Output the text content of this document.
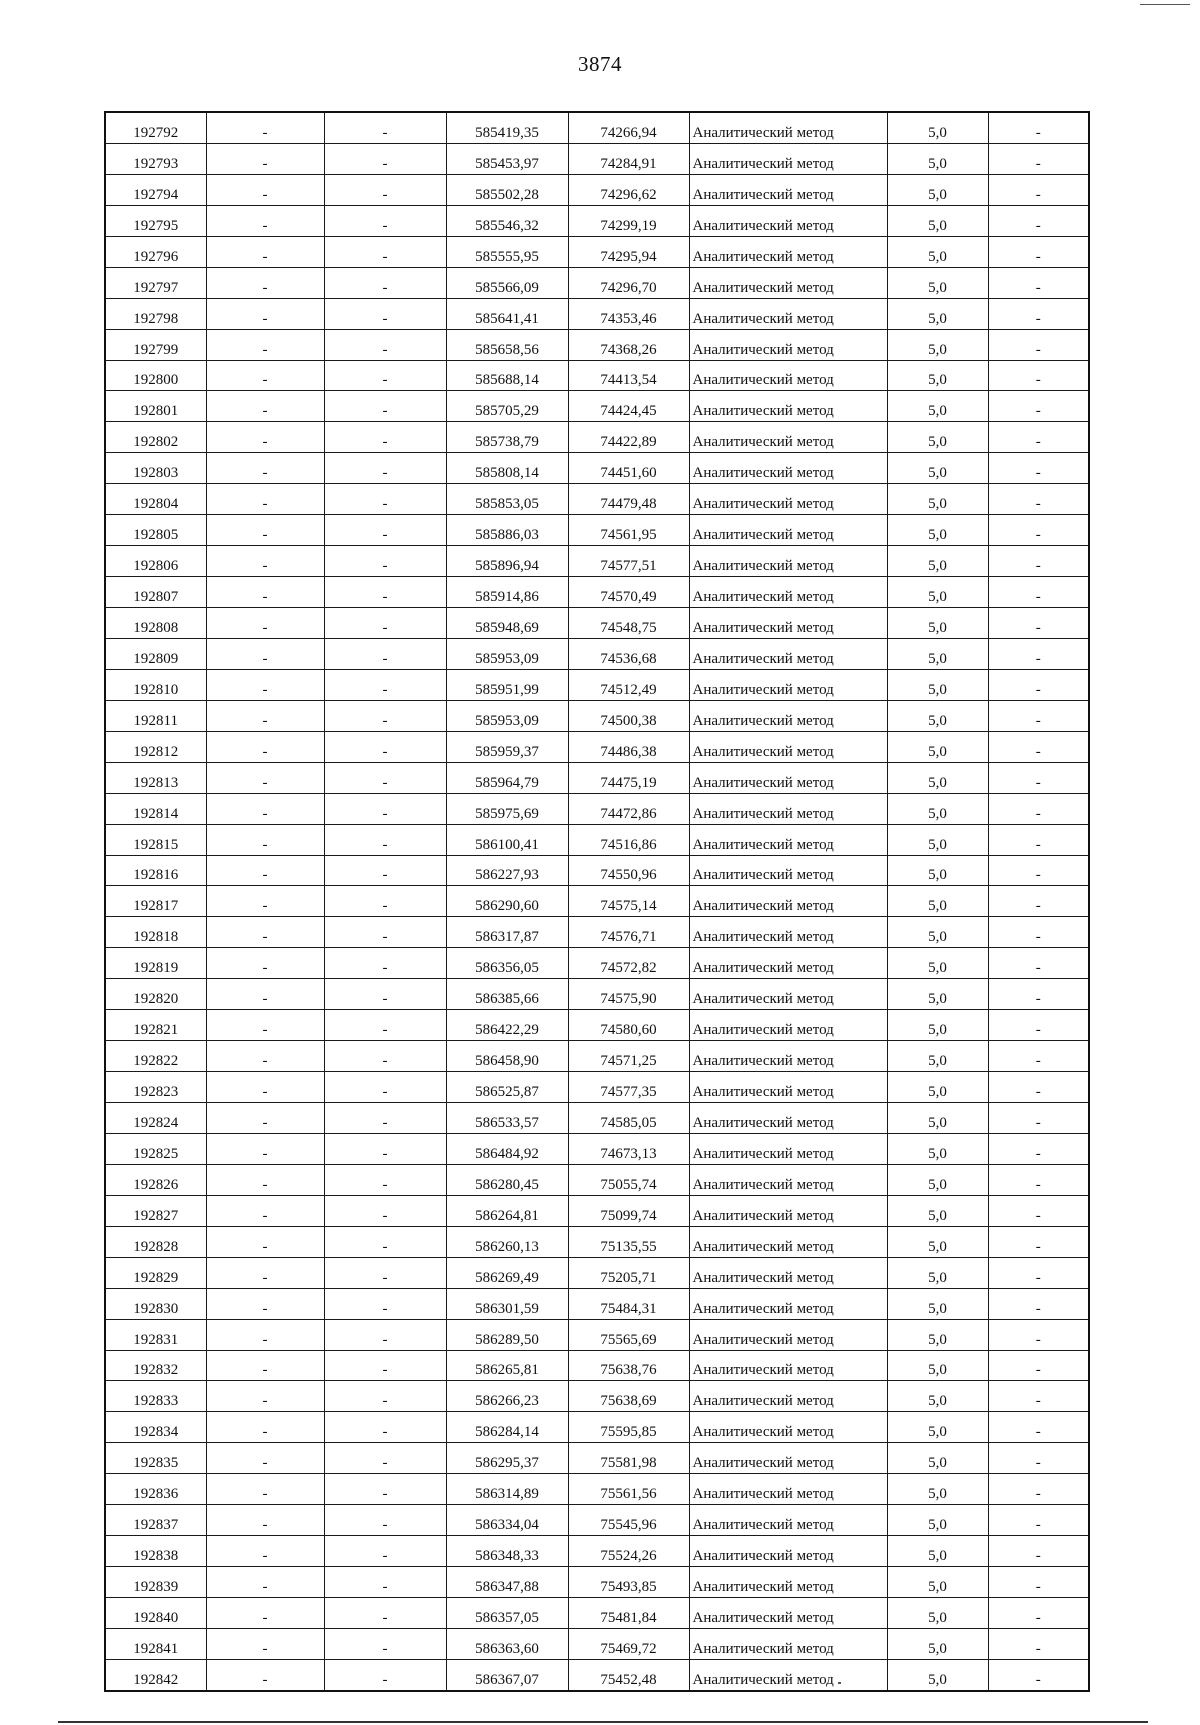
3874
192792	-	-	585419,35	74266,94	Аналитический метод	5,0	-
192793	-	-	585453,97	74284,91	Аналитический метод	5,0	-
192794	-	-	585502,28	74296,62	Аналитический метод	5,0	-
192795	-	-	585546,32	74299,19	Аналитический метод	5,0	-
192796	-	-	585555,95	74295,94	Аналитический метод	5,0	-
192797	-	-	585566,09	74296,70	Аналитический метод	5,0	-
192798	-	-	585641,41	74353,46	Аналитический метод	5,0	-
192799	-	-	585658,56	74368,26	Аналитический метод	5,0	-
192800	-	-	585688,14	74413,54	Аналитический метод	5,0	-
192801	-	-	585705,29	74424,45	Аналитический метод	5,0	-
192802	-	-	585738,79	74422,89	Аналитический метод	5,0	-
192803	-	-	585808,14	74451,60	Аналитический метод	5,0	-
192804	-	-	585853,05	74479,48	Аналитический метод	5,0	-
192805	-	-	585886,03	74561,95	Аналитический метод	5,0	-
192806	-	-	585896,94	74577,51	Аналитический метод	5,0	-
192807	-	-	585914,86	74570,49	Аналитический метод	5,0	-
192808	-	-	585948,69	74548,75	Аналитический метод	5,0	-
192809	-	-	585953,09	74536,68	Аналитический метод	5,0	-
192810	-	-	585951,99	74512,49	Аналитический метод	5,0	-
192811	-	-	585953,09	74500,38	Аналитический метод	5,0	-
192812	-	-	585959,37	74486,38	Аналитический метод	5,0	-
192813	-	-	585964,79	74475,19	Аналитический метод	5,0	-
192814	-	-	585975,69	74472,86	Аналитический метод	5,0	-
192815	-	-	586100,41	74516,86	Аналитический метод	5,0	-
192816	-	-	586227,93	74550,96	Аналитический метод	5,0	-
192817	-	-	586290,60	74575,14	Аналитический метод	5,0	-
192818	-	-	586317,87	74576,71	Аналитический метод	5,0	-
192819	-	-	586356,05	74572,82	Аналитический метод	5,0	-
192820	-	-	586385,66	74575,90	Аналитический метод	5,0	-
192821	-	-	586422,29	74580,60	Аналитический метод	5,0	-
192822	-	-	586458,90	74571,25	Аналитический метод	5,0	-
192823	-	-	586525,87	74577,35	Аналитический метод	5,0	-
192824	-	-	586533,57	74585,05	Аналитический метод	5,0	-
192825	-	-	586484,92	74673,13	Аналитический метод	5,0	-
192826	-	-	586280,45	75055,74	Аналитический метод	5,0	-
192827	-	-	586264,81	75099,74	Аналитический метод	5,0	-
192828	-	-	586260,13	75135,55	Аналитический метод	5,0	-
192829	-	-	586269,49	75205,71	Аналитический метод	5,0	-
192830	-	-	586301,59	75484,31	Аналитический метод	5,0	-
192831	-	-	586289,50	75565,69	Аналитический метод	5,0	-
192832	-	-	586265,81	75638,76	Аналитический метод	5,0	-
192833	-	-	586266,23	75638,69	Аналитический метод	5,0	-
192834	-	-	586284,14	75595,85	Аналитический метод	5,0	-
192835	-	-	586295,37	75581,98	Аналитический метод	5,0	-
192836	-	-	586314,89	75561,56	Аналитический метод	5,0	-
192837	-	-	586334,04	75545,96	Аналитический метод	5,0	-
192838	-	-	586348,33	75524,26	Аналитический метод	5,0	-
192839	-	-	586347,88	75493,85	Аналитический метод	5,0	-
192840	-	-	586357,05	75481,84	Аналитический метод	5,0	-
192841	-	-	586363,60	75469,72	Аналитический метод	5,0	-
192842	-	-	586367,07	75452,48	Аналитический метод	5,0	-
